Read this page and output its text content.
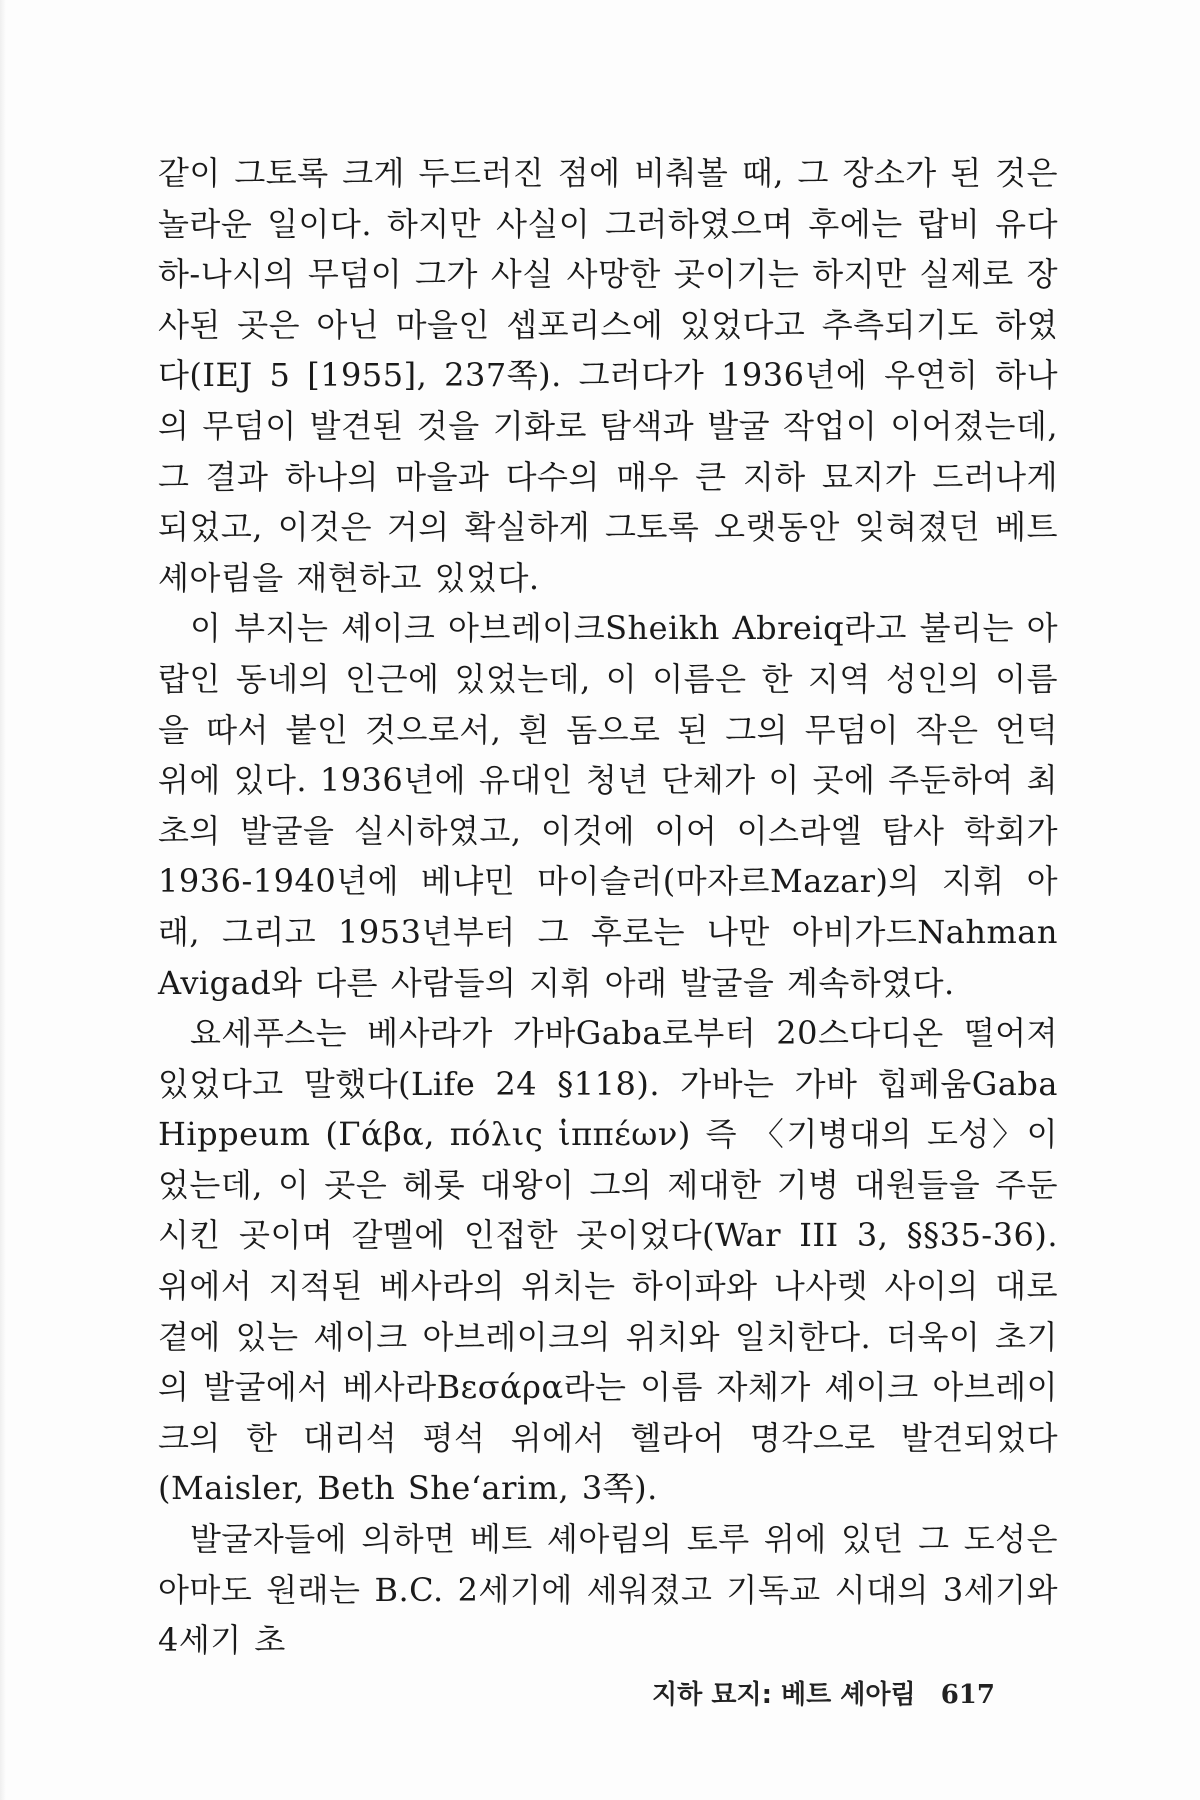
같이 그토록 크게 두드러진 점에 비춰볼 때, 그 장소가 된 것은 놀라운 일이다. 하지만 사실이 그러하였으며 후에는 랍비 유다 하-나시의 무덤이 그가 사실 사망한 곳이기는 하지만 실제로 장사된 곳은 아닌 마을인 셉포리스에 있었다고 추측되기도 하였다(IEJ 5 [1955], 237쪽). 그러다가 1936년에 우연히 하나의 무덤이 발견된 것을 기화로 탐색과 발굴 작업이 이어졌는데, 그 결과 하나의 마을과 다수의 매우 큰 지하 묘지가 드러나게 되었고, 이것은 거의 확실하게 그토록 오랫동안 잊혀졌던 베트 셰아림을 재현하고 있었다.

이 부지는 셰이크 아브레이크Sheikh Abreiq라고 불리는 아랍인 동네의 인근에 있었는데, 이 이름은 한 지역 성인의 이름을 따서 붙인 것으로서, 흰 돔으로 된 그의 무덤이 작은 언덕 위에 있다. 1936년에 유대인 청년 단체가 이 곳에 주둔하여 최초의 발굴을 실시하였고, 이것에 이어 이스라엘 탐사 학회가 1936-1940년에 베냐민 마이슬러(마자르Mazar)의 지휘 아래, 그리고 1953년부터 그 후로는 나만 아비가드Nahman Avigad와 다른 사람들의 지휘 아래 발굴을 계속하였다.

요세푸스는 베사라가 가바Gaba로부터 20스다디온 떨어져 있었다고 말했다(Life 24 §118). 가바는 가바 힙페움Gaba Hippeum (Γάβα, πόλις ἱππέων) 즉 〈기병대의 도성〉이었는데, 이 곳은 헤롯 대왕이 그의 제대한 기병 대원들을 주둔시킨 곳이며 갈멜에 인접한 곳이었다(War III 3, §§35-36). 위에서 지적된 베사라의 위치는 하이파와 나사렛 사이의 대로 곁에 있는 셰이크 아브레이크의 위치와 일치한다. 더욱이 초기의 발굴에서 베사라Βεσάρα라는 이름 자체가 셰이크 아브레이크의 한 대리석 평석 위에서 헬라어 명각으로 발견되었다(Maisler, Beth She‘arim, 3쪽).

발굴자들에 의하면 베트 셰아림의 토루 위에 있던 그 도성은 아마도 원래는 B.C. 2세기에 세워졌고 기독교 시대의 3세기와 4세기 초

지하 묘지: 베트 셰아림 617
